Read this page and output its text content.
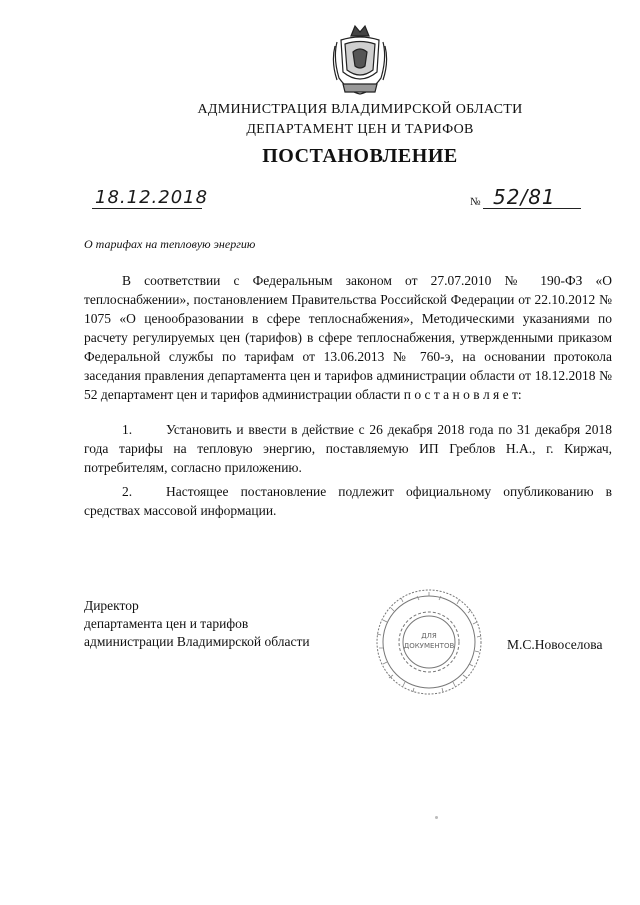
АДМИНИСТРАЦИЯ ВЛАДИМИРСКОЙ ОБЛАСТИ
ДЕПАРТАМЕНТ ЦЕН И ТАРИФОВ
ПОСТАНОВЛЕНИЕ
18.12.2018	№ 52/81
О тарифах на тепловую энергию

В соответствии с Федеральным законом от 27.07.2010 № 190-ФЗ «О теплоснабжении», постановлением Правительства Российской Федерации от 22.10.2012 № 1075 «О ценообразовании в сфере теплоснабжения», Методическими указаниями по расчету регулируемых цен (тарифов) в сфере теплоснабжения, утвержденными приказом Федеральной службы по тарифам от 13.06.2013 № 760-э, на основании протокола заседания правления департамента цен и тарифов администрации области от 18.12.2018 № 52 департамент цен и тарифов администрации области п о с т а н о в л я е т:

1.	Установить и ввести в действие с 26 декабря 2018 года по 31 декабря 2018 года тарифы на тепловую энергию, поставляемую ИП Греблов Н.А., г. Киржач, потребителям, согласно приложению.

2.	Настоящее постановление подлежит официальному опубликованию в средствах массовой информации.

Директор
департамента цен и тарифов
администрации Владимирской области	ДЛЯ
ДОКУМЕНТОВ	М.С.Новоселова
